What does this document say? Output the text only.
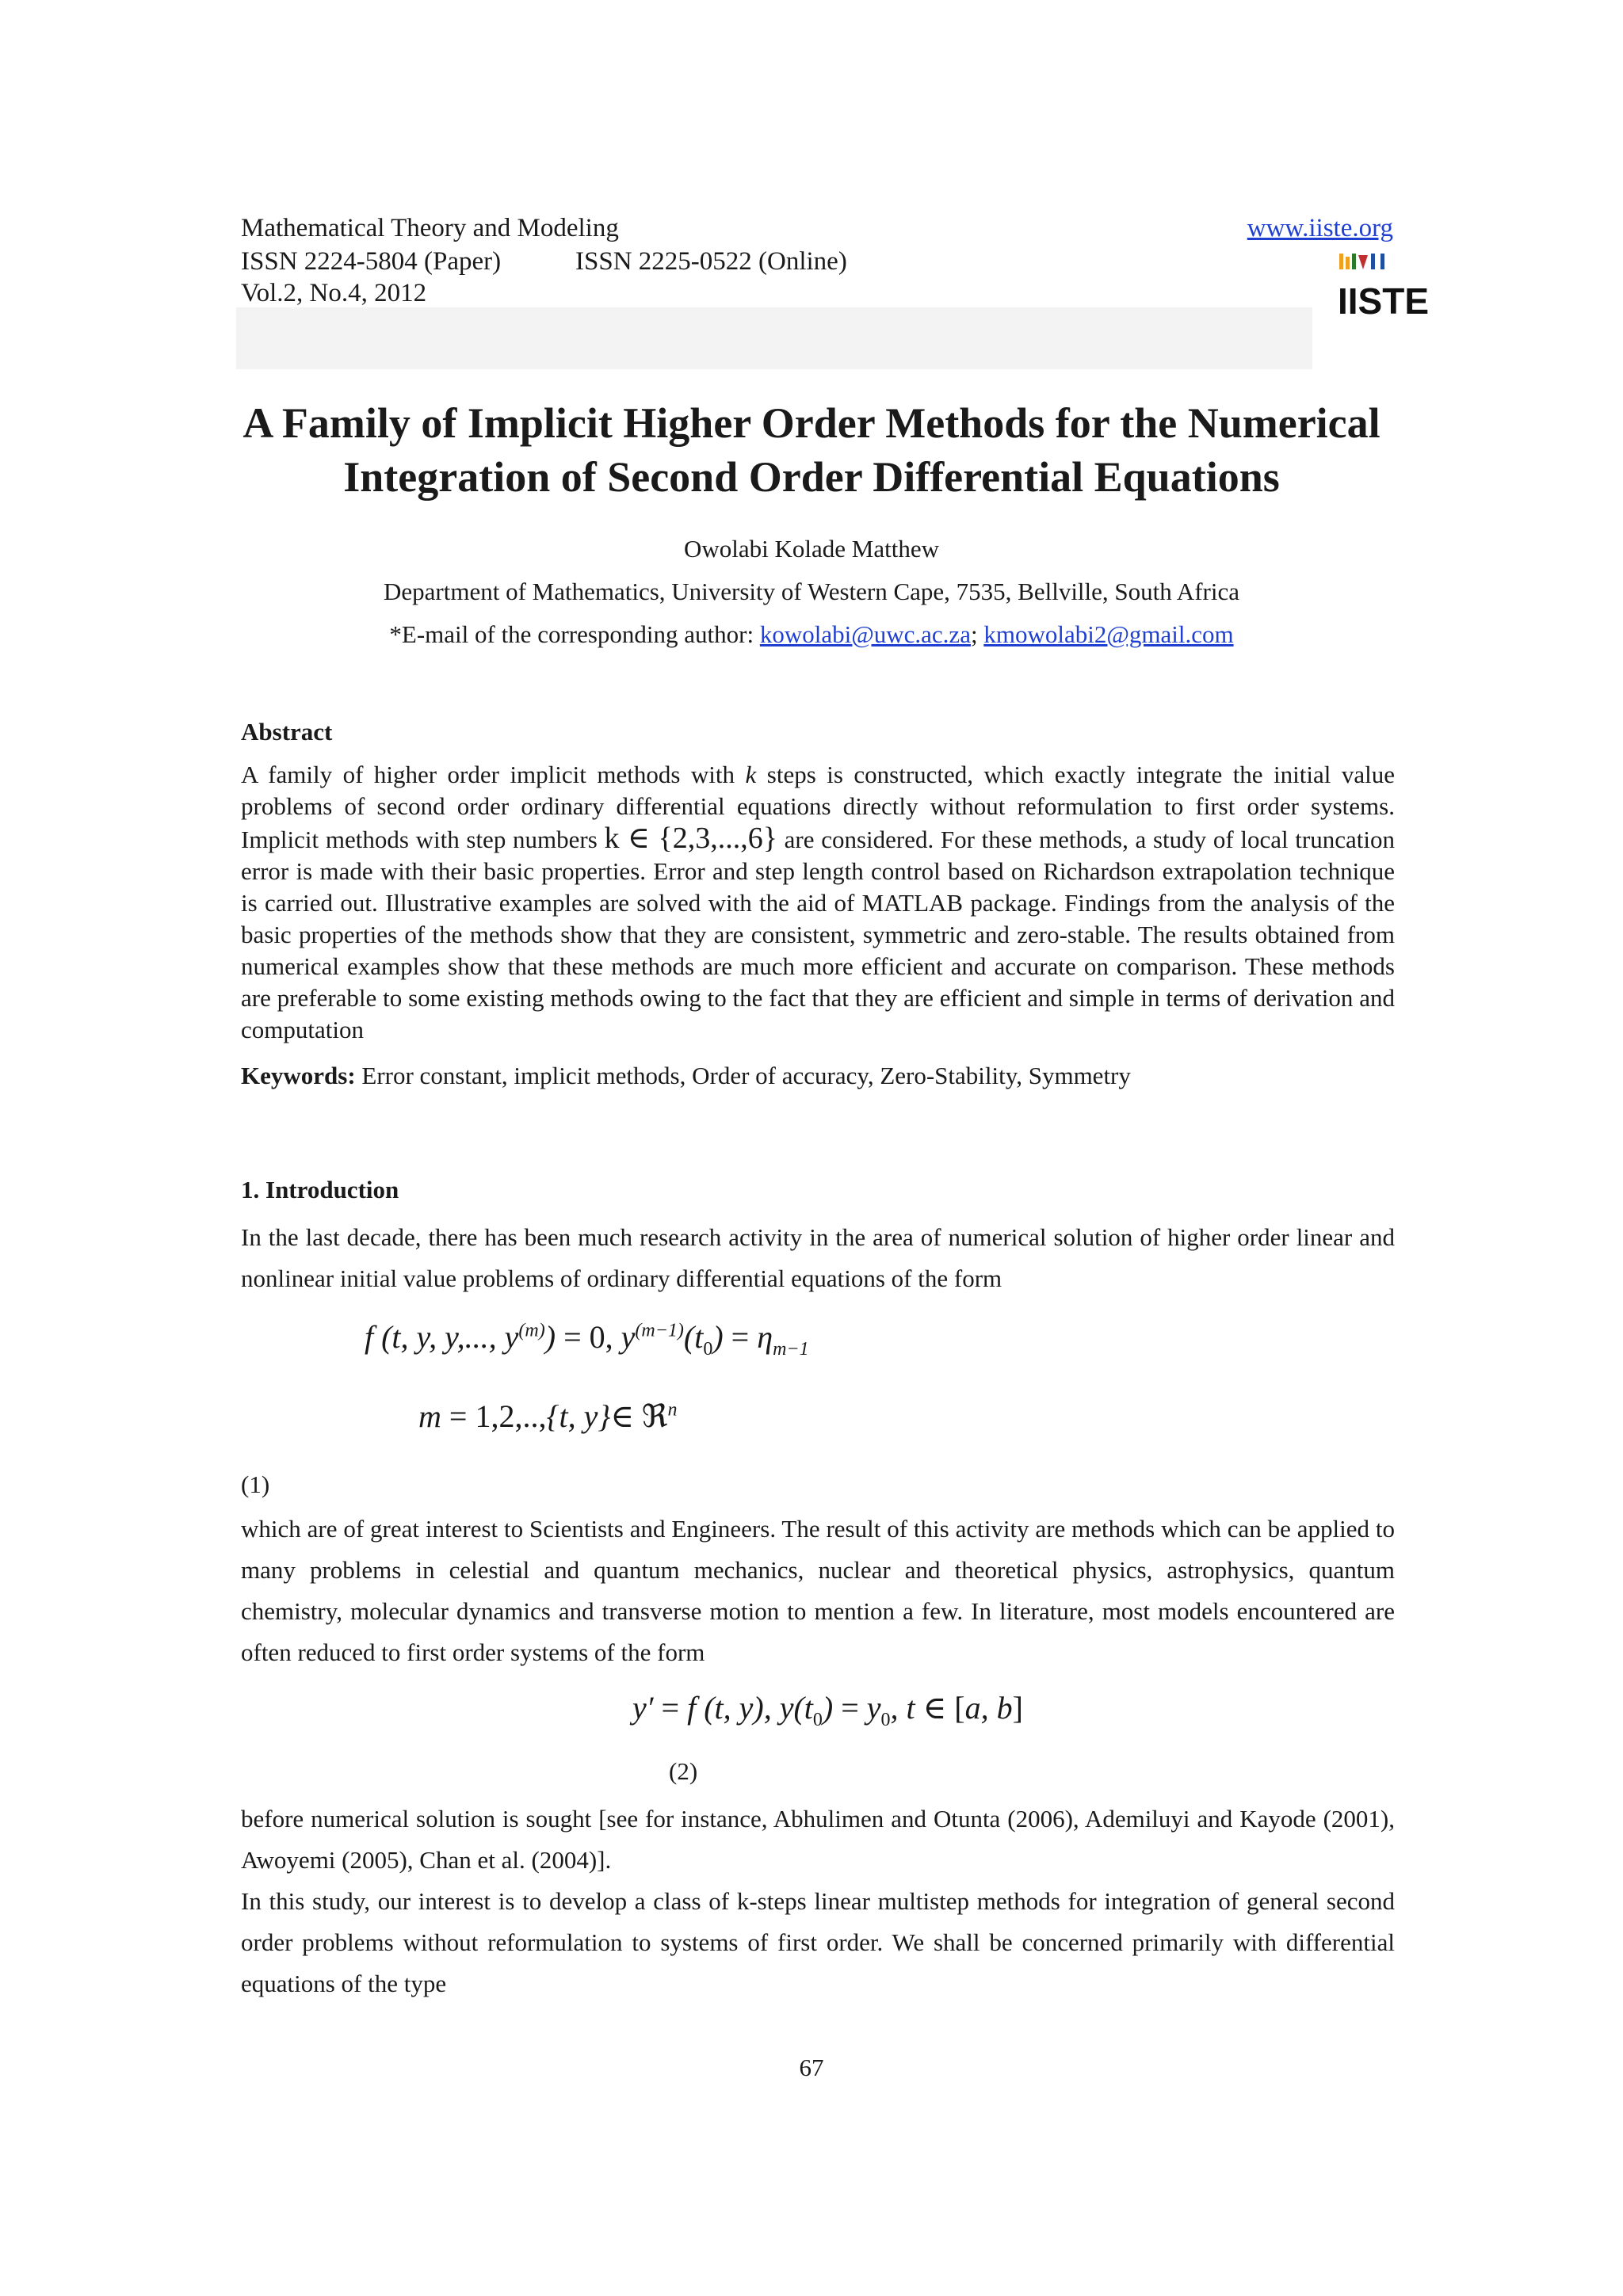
Mathematical Theory and Modeling	www.iiste.org
ISSN 2224-5804 (Paper)	ISSN 2225-0522 (Online)
Vol.2, No.4, 2012	IISTE
A Family of Implicit Higher Order Methods for the Numerical
Integration of Second Order Differential Equations
Owolabi Kolade Matthew
Department of Mathematics, University of Western Cape, 7535, Bellville, South Africa
*E-mail of the corresponding author: kowolabi@uwc.ac.za; kmowolabi2@gmail.com
Abstract

A family of higher order implicit methods with k steps is constructed, which exactly integrate the initial value problems of second order ordinary differential equations directly without reformulation to first order systems. Implicit methods with step numbers k ∈ {2,3,...,6} are considered. For these methods, a study of local truncation error is made with their basic properties. Error and step length control based on Richardson extrapolation technique is carried out. Illustrative examples are solved with the aid of MATLAB package. Findings from the analysis of the basic properties of the methods show that they are consistent, symmetric and zero-stable. The results obtained from numerical examples show that these methods are much more efficient and accurate on comparison. These methods are preferable to some existing methods owing to the fact that they are efficient and simple in terms of derivation and computation

Keywords: Error constant, implicit methods, Order of accuracy, Zero-Stability, Symmetry
1. Introduction
In the last decade, there has been much research activity in the area of numerical solution of higher order linear and nonlinear initial value problems of ordinary differential equations of the form
f (t, y, y,..., $y^{(m)}) = 0$, $y^{(m-1)}(t_0) = \eta_{m-1}$
m = 1,2,..,{t, y}∈ ℜ$^n$
(1)
which are of great interest to Scientists and Engineers. The result of this activity are methods which can be applied to many problems in celestial and quantum mechanics, nuclear and theoretical physics, astrophysics, quantum chemistry, molecular dynamics and transverse motion to mention a few. In literature, most models encountered are often reduced to first order systems of the form
y′ = f (t, y), $y(t_0) = y_0$, t ∈ [a, b]
(2)
before numerical solution is sought [see for instance, Abhulimen and Otunta (2006), Ademiluyi and Kayode (2001), Awoyemi (2005), Chan et al. (2004)].
In this study, our interest is to develop a class of k-steps linear multistep methods for integration of general second order problems without reformulation to systems of first order. We shall be concerned primarily with differential equations of the type
67
